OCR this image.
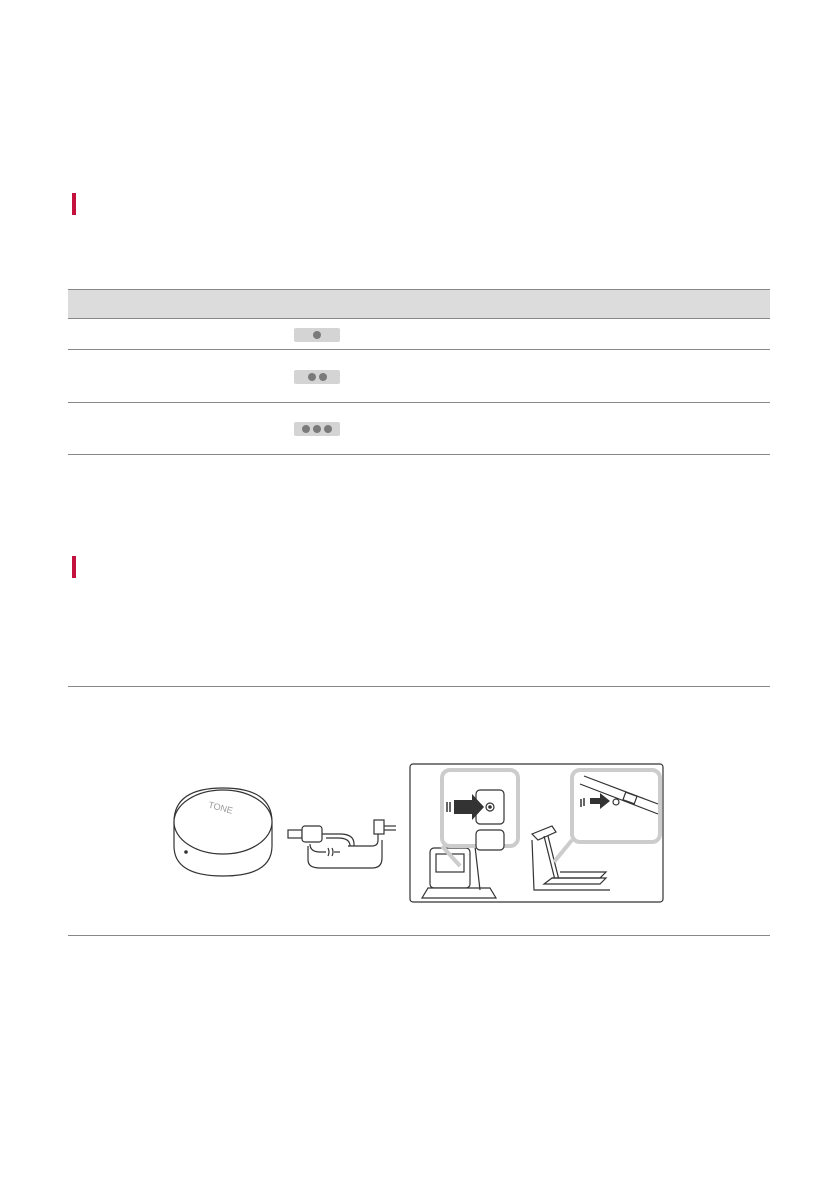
TONE
